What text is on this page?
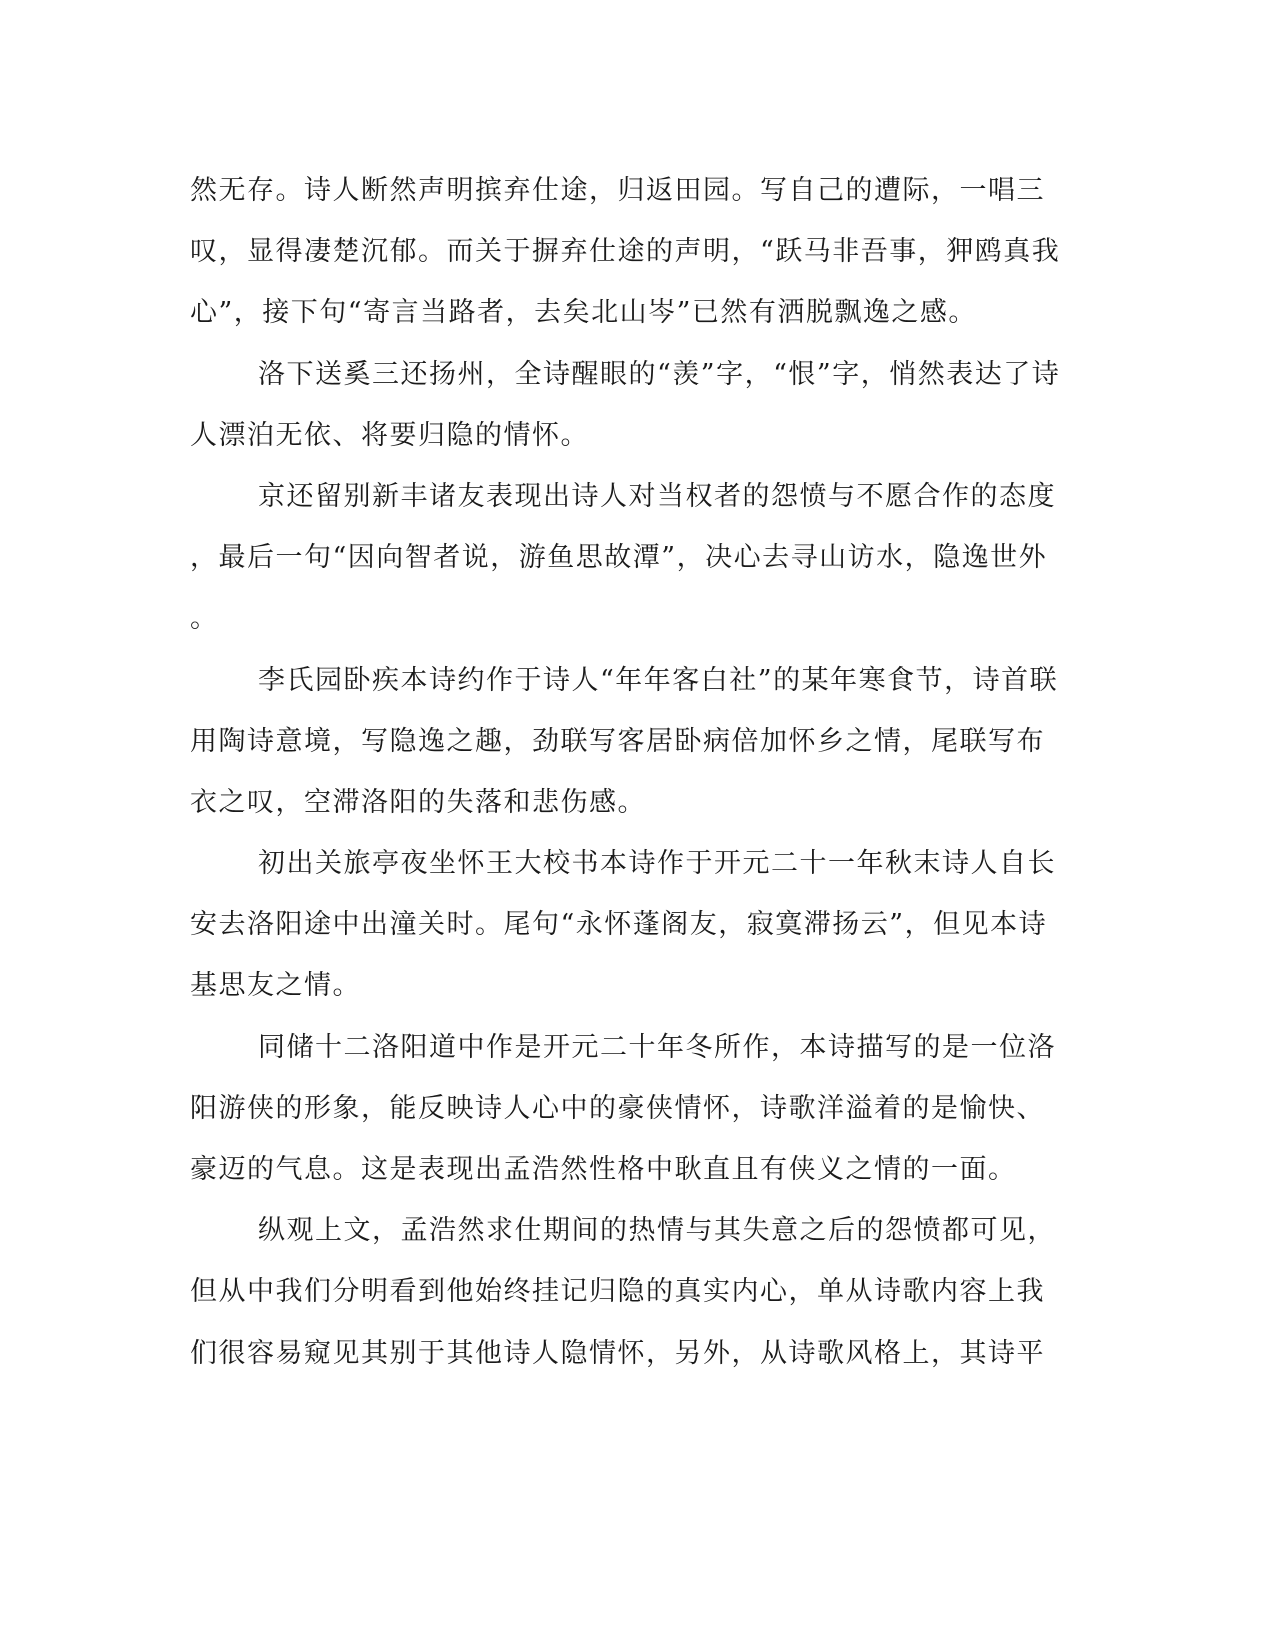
然无存。诗人断然声明摈弃仕途，归返田园。写自己的遭际，一唱三
叹，显得凄楚沉郁。而关于摒弃仕途的声明，“跃马非吾事，狎鸥真我
心”，接下句“寄言当路者，去矣北山岑”已然有洒脱飘逸之感。
洛下送奚三还扬州，全诗醒眼的“羡”字，“恨”字，悄然表达了诗
人漂泊无依、将要归隐的情怀。
京还留别新丰诸友表现出诗人对当权者的怨愤与不愿合作的态度
，最后一句“因向智者说，游鱼思故潭”，决心去寻山访水，隐逸世外
。
李氏园卧疾本诗约作于诗人“年年客白社”的某年寒食节，诗首联
用陶诗意境，写隐逸之趣，劲联写客居卧病倍加怀乡之情，尾联写布
衣之叹，空滞洛阳的失落和悲伤感。
初出关旅亭夜坐怀王大校书本诗作于开元二十一年秋末诗人自长
安去洛阳途中出潼关时。尾句“永怀蓬阁友，寂寞滞扬云”，但见本诗
基思友之情。
同储十二洛阳道中作是开元二十年冬所作，本诗描写的是一位洛
阳游侠的形象，能反映诗人心中的豪侠情怀，诗歌洋溢着的是愉快、
豪迈的气息。这是表现出孟浩然性格中耿直且有侠义之情的一面。
纵观上文，孟浩然求仕期间的热情与其失意之后的怨愤都可见，
但从中我们分明看到他始终挂记归隐的真实内心，单从诗歌内容上我
们很容易窥见其别于其他诗人隐情怀，另外，从诗歌风格上，其诗平
